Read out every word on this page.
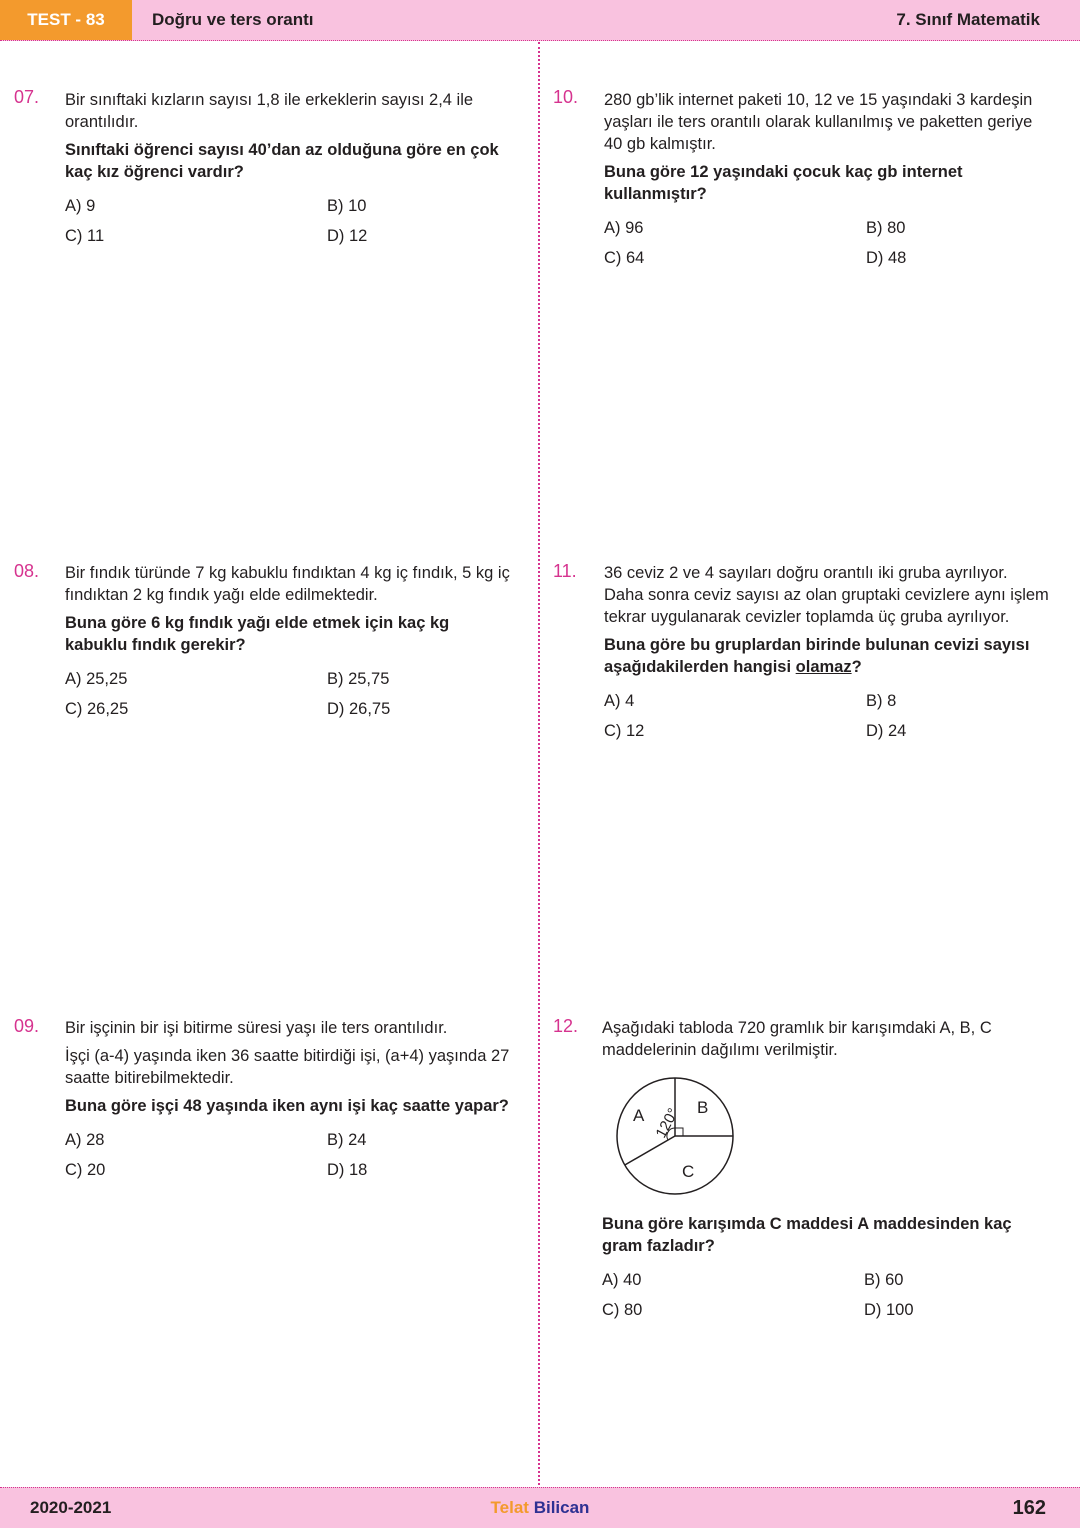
TEST - 83	Doğru ve ters orantı	7. Sınıf Matematik
07. Bir sınıftaki kızların sayısı 1,8 ile erkeklerin sayısı 2,4 ile orantılıdır.

Sınıftaki öğrenci sayısı 40’dan az olduğuna göre en çok kaç kız öğrenci vardır?

A) 9	B) 10
C) 11	D) 12
08. Bir fındık türünde 7 kg kabuklu fındıktan 4 kg iç fındık, 5 kg iç fındıktan 2 kg fındık yağı elde edilmektedir.

Buna göre 6 kg fındık yağı elde etmek için kaç kg kabuklu fındık gerekir?

A) 25,25	B) 25,75
C) 26,25	D) 26,75
09. Bir işçinin bir işi bitirme süresi yaşı ile ters orantılıdır.

İşçi (a-4) yaşında iken 36 saatte bitirdiği işi, (a+4) yaşında 27 saatte bitirebilmektedir.

Buna göre işçi 48 yaşında iken aynı işi kaç saatte yapar?

A) 28	B) 24
C) 20	D) 18
10. 280 gb’lik internet paketi 10, 12 ve 15 yaşındaki 3 kardeşin yaşları ile ters orantılı olarak kullanılmış ve paketten geriye 40 gb kalmıştır.

Buna göre 12 yaşındaki çocuk kaç gb internet kullanmıştır?

A) 96	B) 80
C) 64	D) 48
11. 36 ceviz 2 ve 4 sayıları doğru orantılı iki gruba ayrılıyor. Daha sonra ceviz sayısı az olan gruptaki cevizlere aynı işlem tekrar uygulanarak cevizler toplamda üç gruba ayrılıyor.

Buna göre bu gruplardan birinde bulunan cevizi sayısı aşağıdakilerden hangisi olamaz?

A) 4	B) 8
C) 12	D) 24
12. Aşağıdaki tabloda 720 gramlık bir karışımdaki A, B, C maddelerinin dağılımı verilmiştir.

A	B
C
120°

Buna göre karışımda C maddesi A maddesinden kaç gram fazladır?

A) 40	B) 60
C) 80	D) 100
2020-2021	Telat Bilican	162
